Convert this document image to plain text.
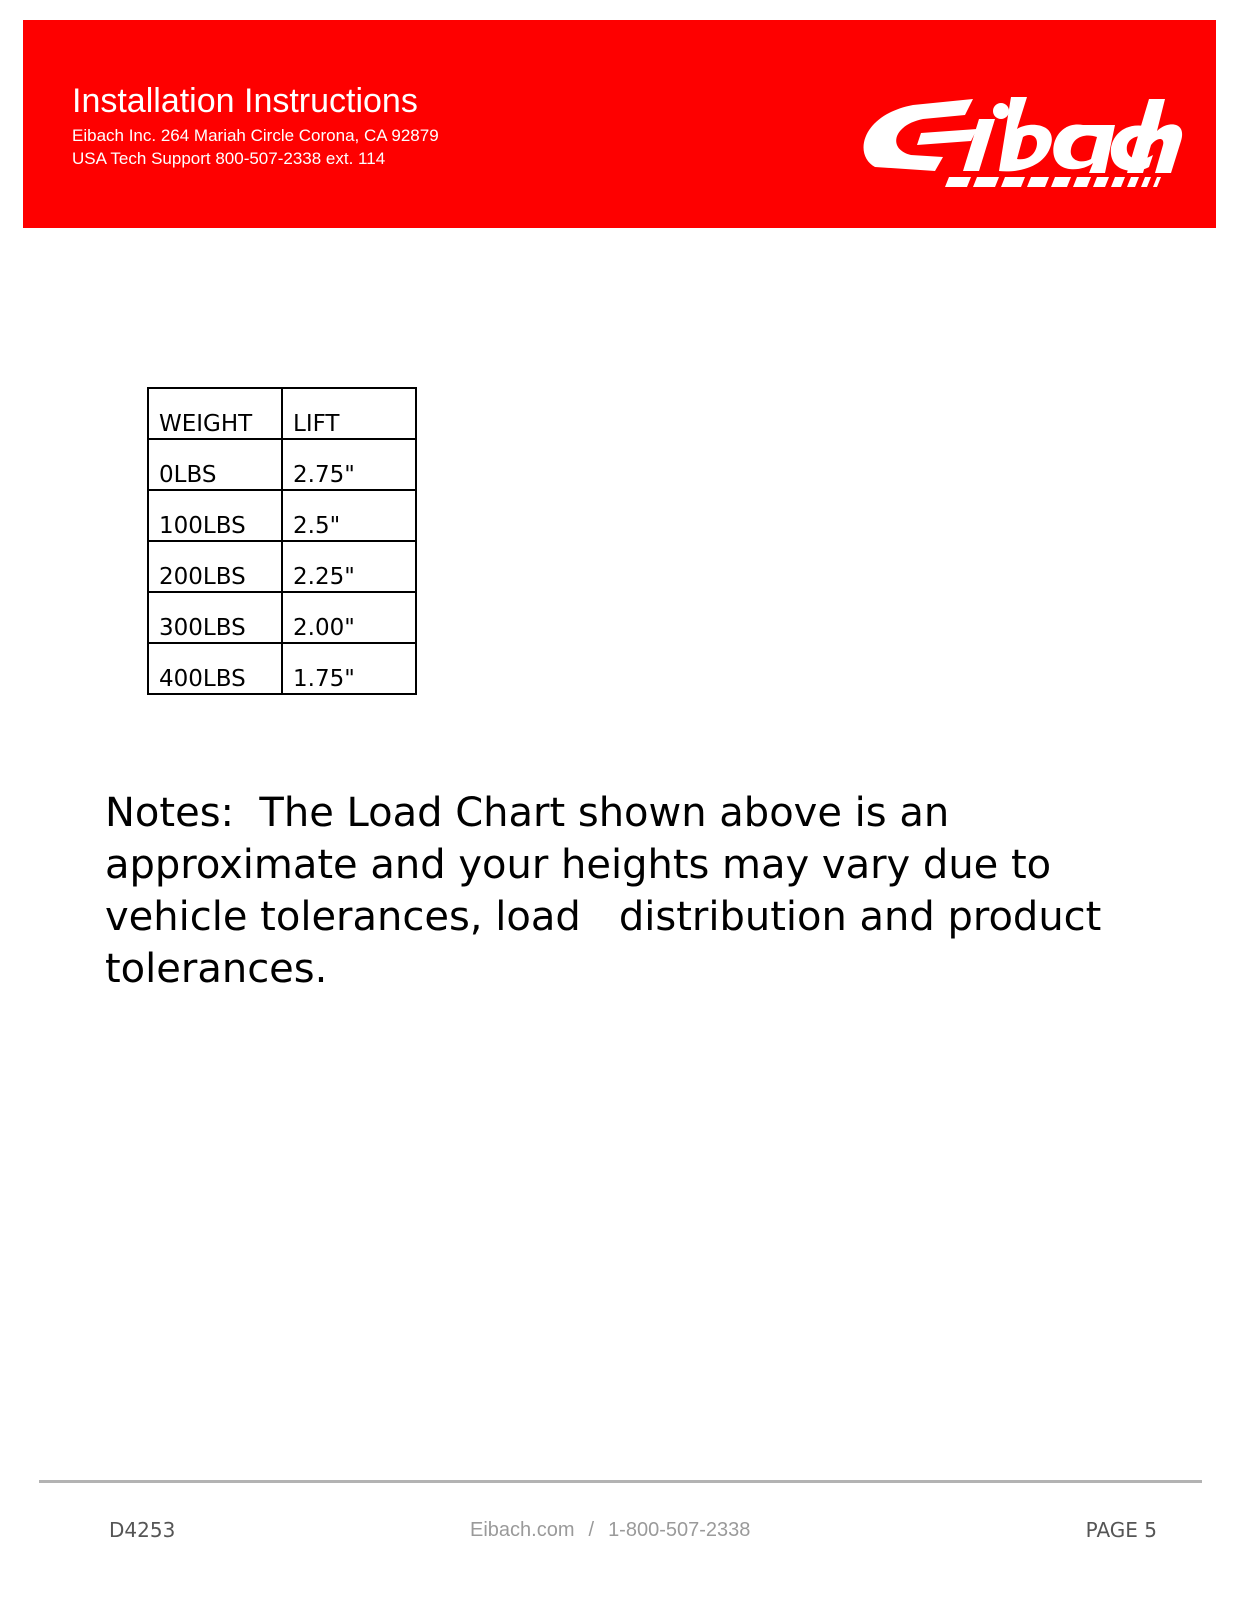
Installation Instructions
Eibach Inc. 264 Mariah Circle Corona, CA 92879
USA Tech Support 800-507-2338 ext. 114
WEIGHT	LIFT
0LBS	2.75"
100LBS	2.5"
200LBS	2.25"
300LBS	2.00"
400LBS	1.75"

Notes:  The Load Chart shown above is an approximate and your heights may vary due to vehicle tolerances, load   distribution and product tolerances.

D4253	Eibach.com / 1-800-507-2338	PAGE 5
